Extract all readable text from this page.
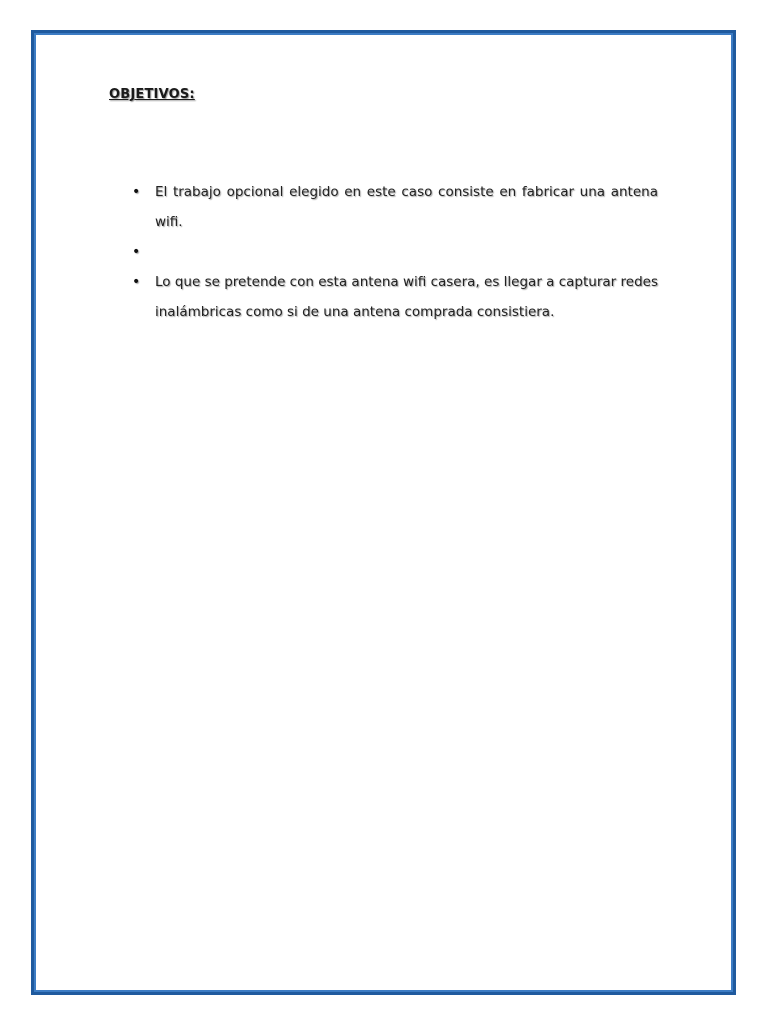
OBJETIVOS:
• El trabajo opcional elegido en este caso consiste en fabricar una antena wifi.
•
• Lo que se pretende con esta antena wifi casera, es llegar a capturar redes inalámbricas como si de una antena comprada consistiera.
